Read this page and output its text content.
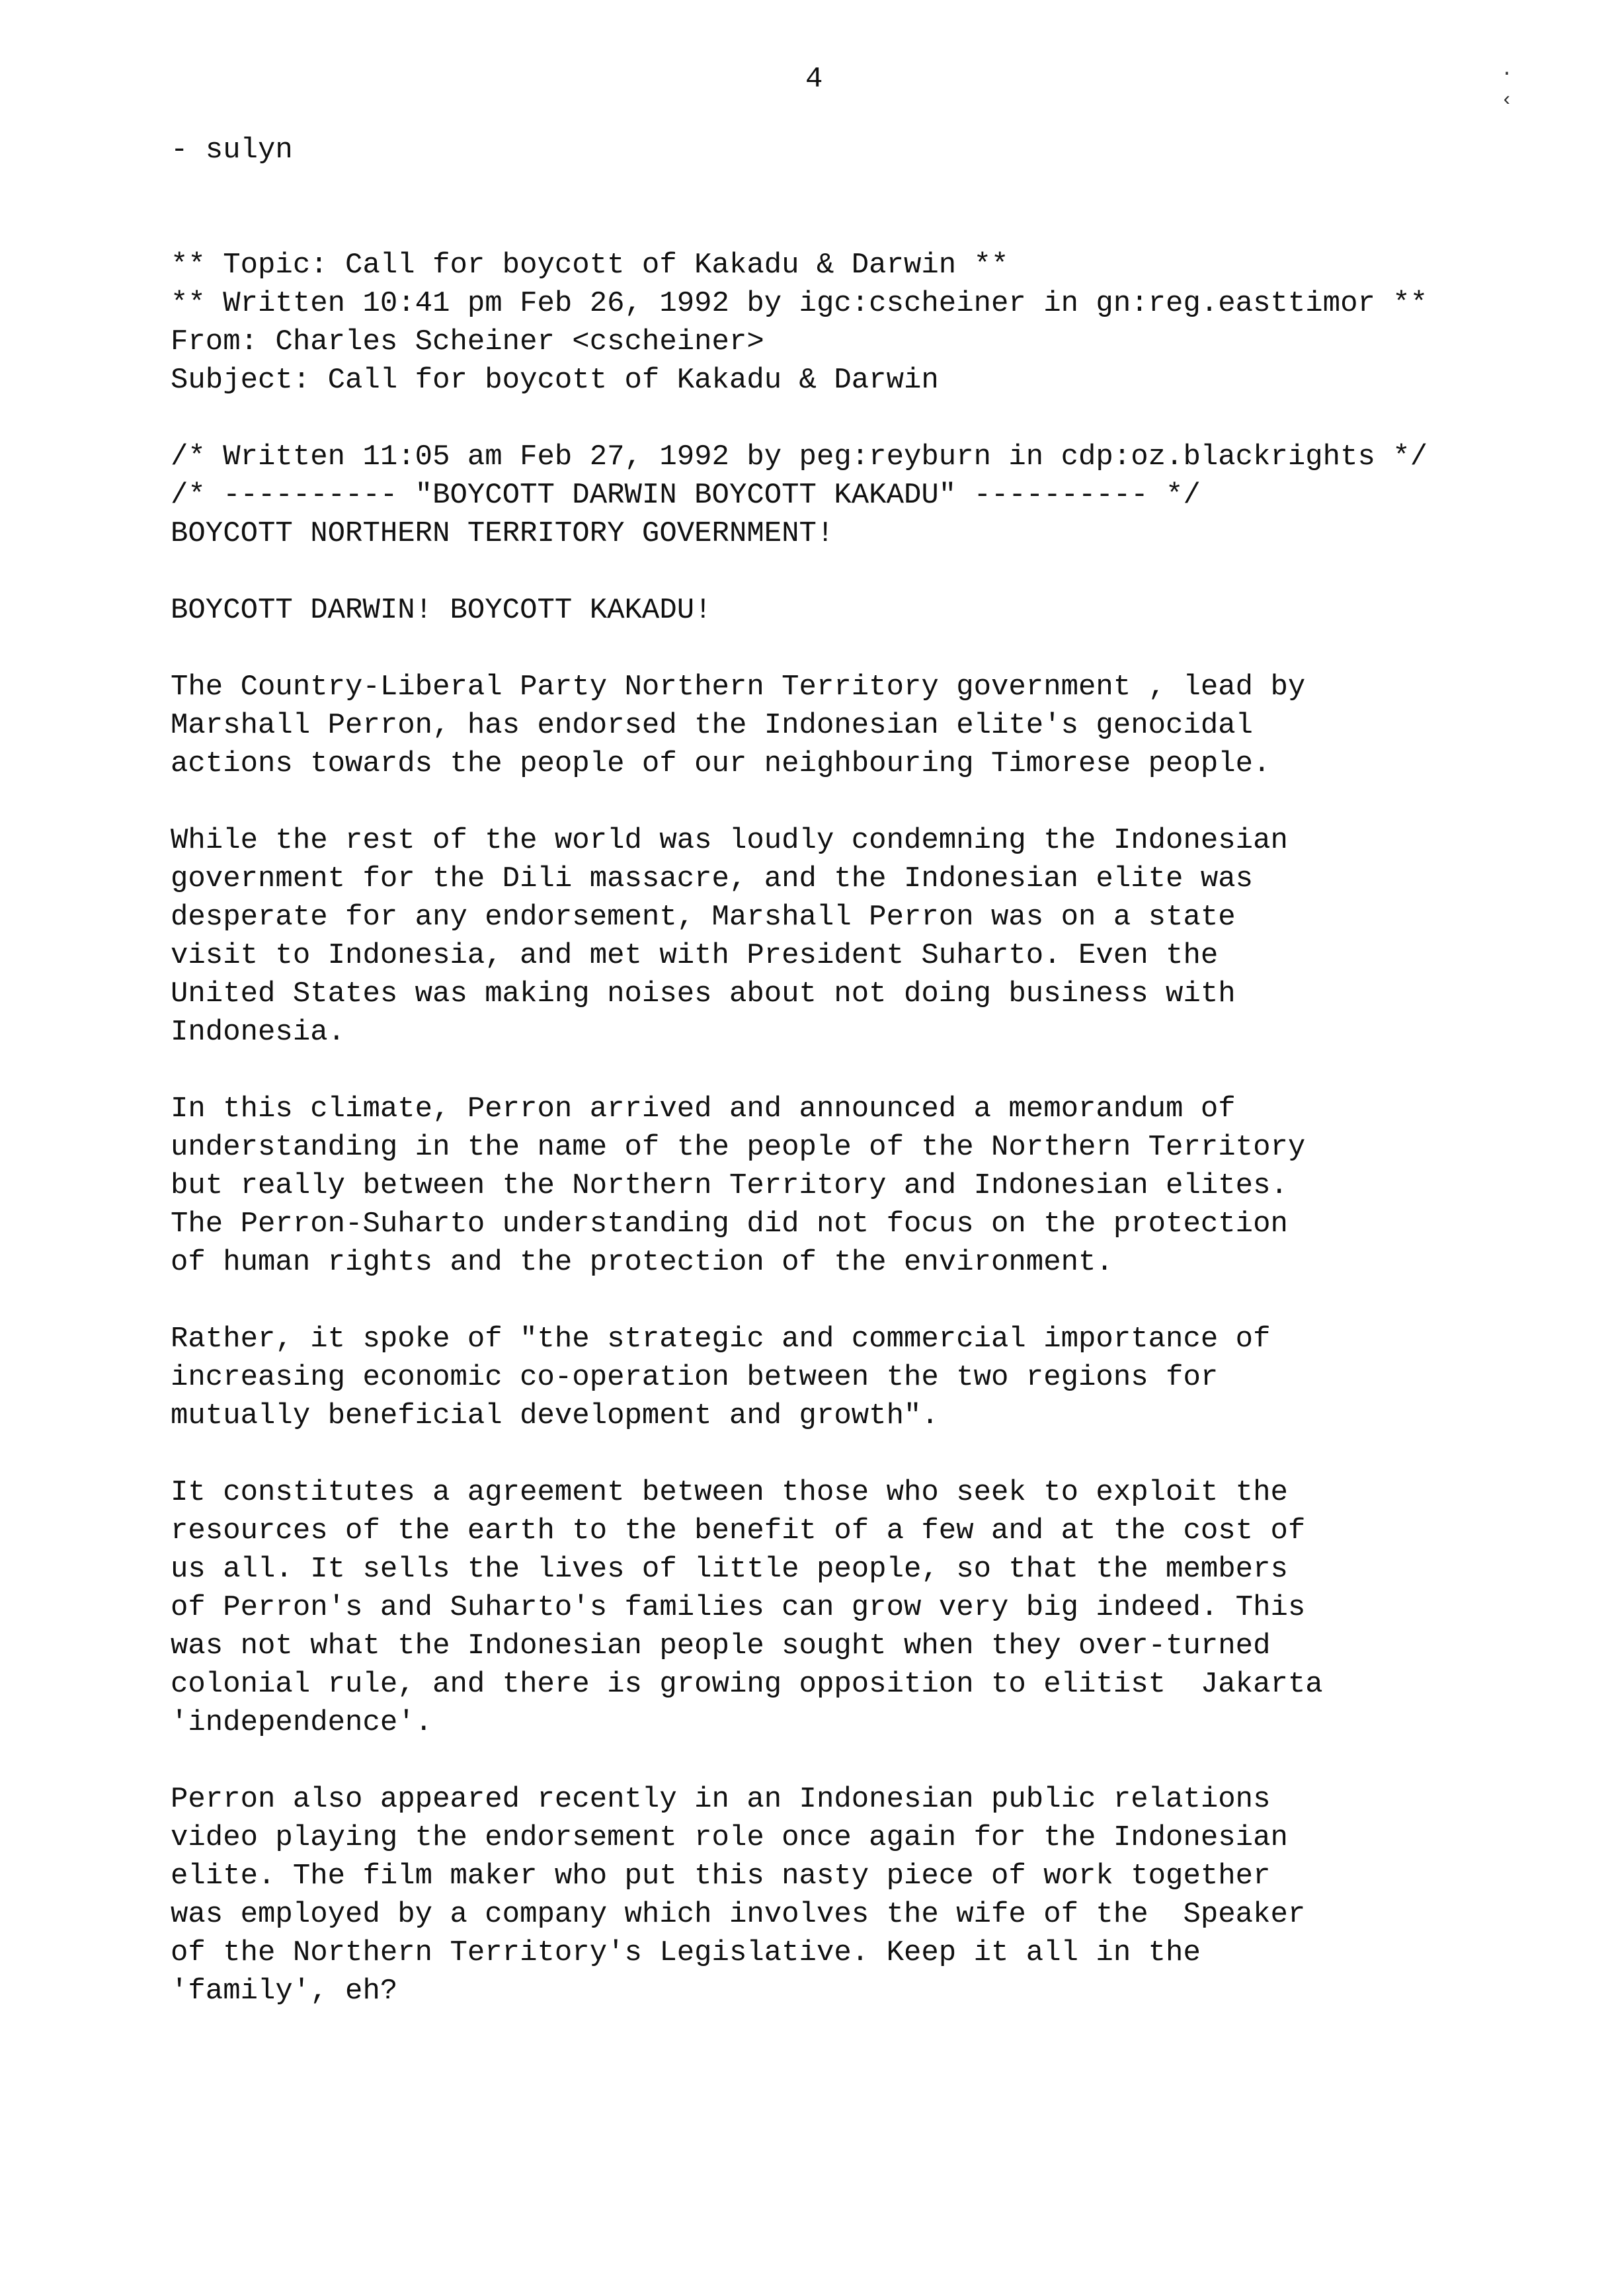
4	· ‹
- sulyn
** Topic: Call for boycott of Kakadu & Darwin **
** Written 10:41 pm Feb 26, 1992 by igc:cscheiner in gn:reg.easttimor **
From: Charles Scheiner <cscheiner>
Subject: Call for boycott of Kakadu & Darwin
/* Written 11:05 am Feb 27, 1992 by peg:reyburn in cdp:oz.blackrights */
/* ---------- "BOYCOTT DARWIN BOYCOTT KAKADU" ---------- */
BOYCOTT NORTHERN TERRITORY GOVERNMENT!
BOYCOTT DARWIN! BOYCOTT KAKADU!
The Country-Liberal Party Northern Territory government , lead by
Marshall Perron, has endorsed the Indonesian elite's genocidal
actions towards the people of our neighbouring Timorese people.
While the rest of the world was loudly condemning the Indonesian
government for the Dili massacre, and the Indonesian elite was
desperate for any endorsement, Marshall Perron was on a state
visit to Indonesia, and met with President Suharto. Even the
United States was making noises about not doing business with
Indonesia.
In this climate, Perron arrived and announced a memorandum of
understanding in the name of the people of the Northern Territory
but really between the Northern Territory and Indonesian elites.
The Perron-Suharto understanding did not focus on the protection
of human rights and the protection of the environment.
Rather, it spoke of "the strategic and commercial importance of
increasing economic co-operation between the two regions for
mutually beneficial development and growth".
It constitutes a agreement between those who seek to exploit the
resources of the earth to the benefit of a few and at the cost of
us all. It sells the lives of little people, so that the members
of Perron's and Suharto's families can grow very big indeed. This
was not what the Indonesian people sought when they over-turned
colonial rule, and there is growing opposition to elitist  Jakarta
'independence'.
Perron also appeared recently in an Indonesian public relations
video playing the endorsement role once again for the Indonesian
elite. The film maker who put this nasty piece of work together
was employed by a company which involves the wife of the  Speaker
of the Northern Territory's Legislative. Keep it all in the
'family', eh?
